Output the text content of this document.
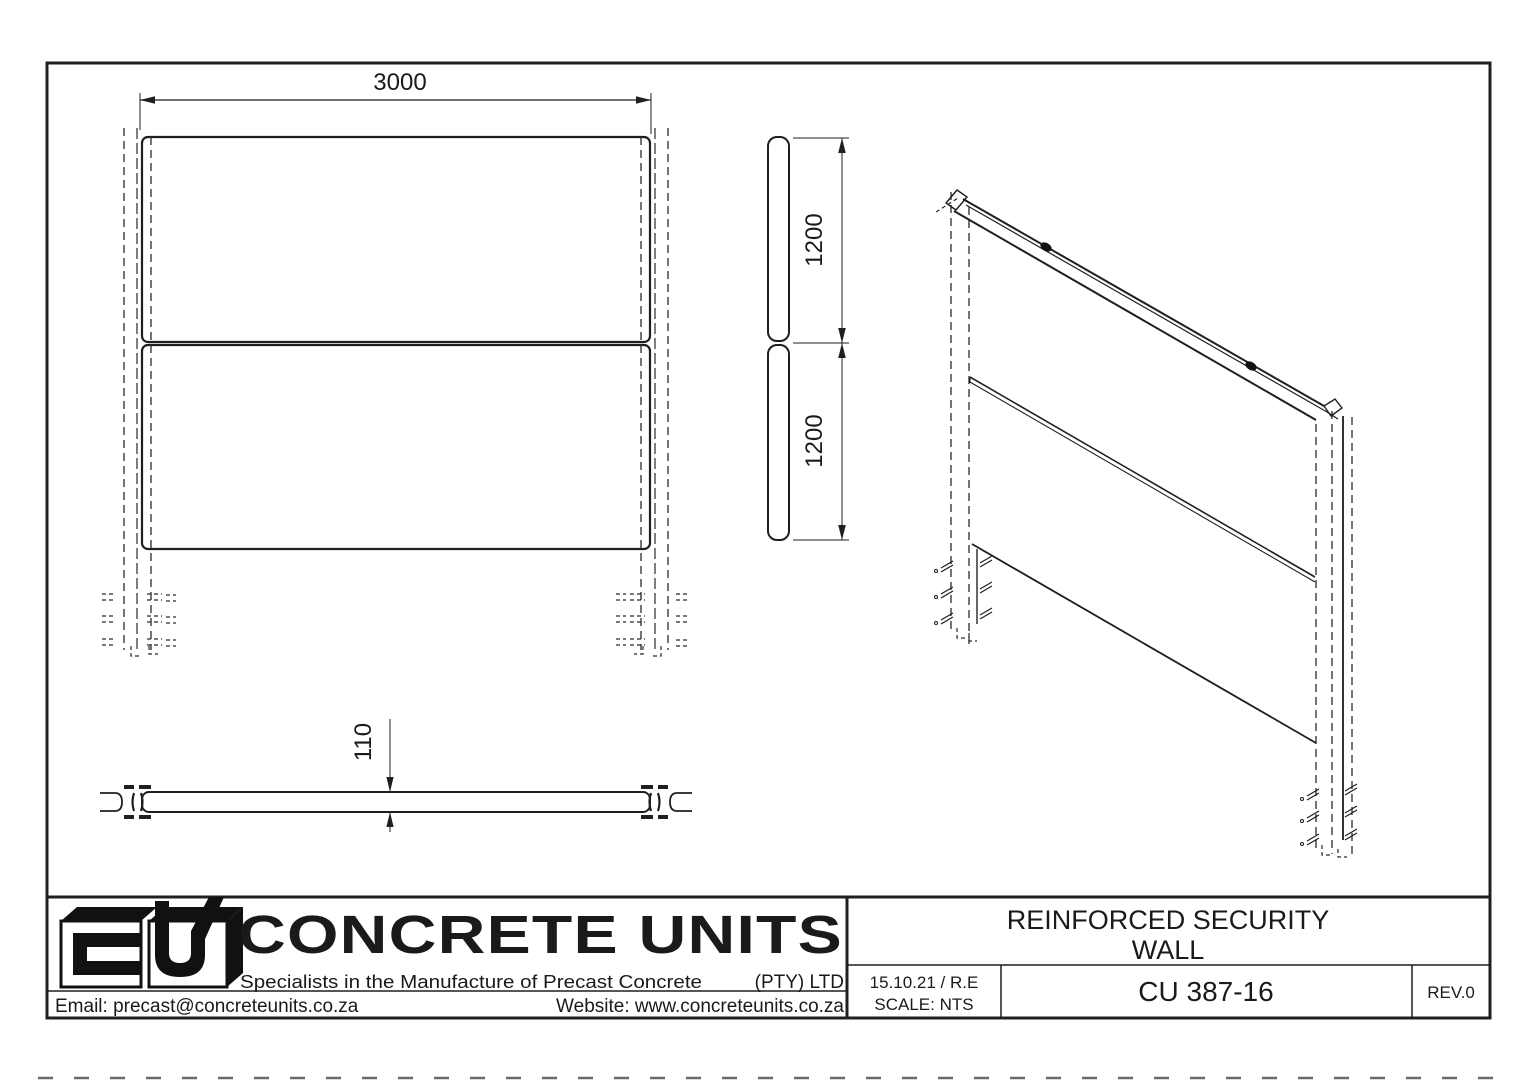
3000
1200
1200
110
CONCRETE UNITS
Specialists in the Manufacture of Precast Concrete	(PTY) LTD
Email: precast@concreteunits.co.za	Website: www.concreteunits.co.za
REINFORCED SECURITY
WALL
15.10.21 / R.E
SCALE: NTS	CU 387-16	REV.0
